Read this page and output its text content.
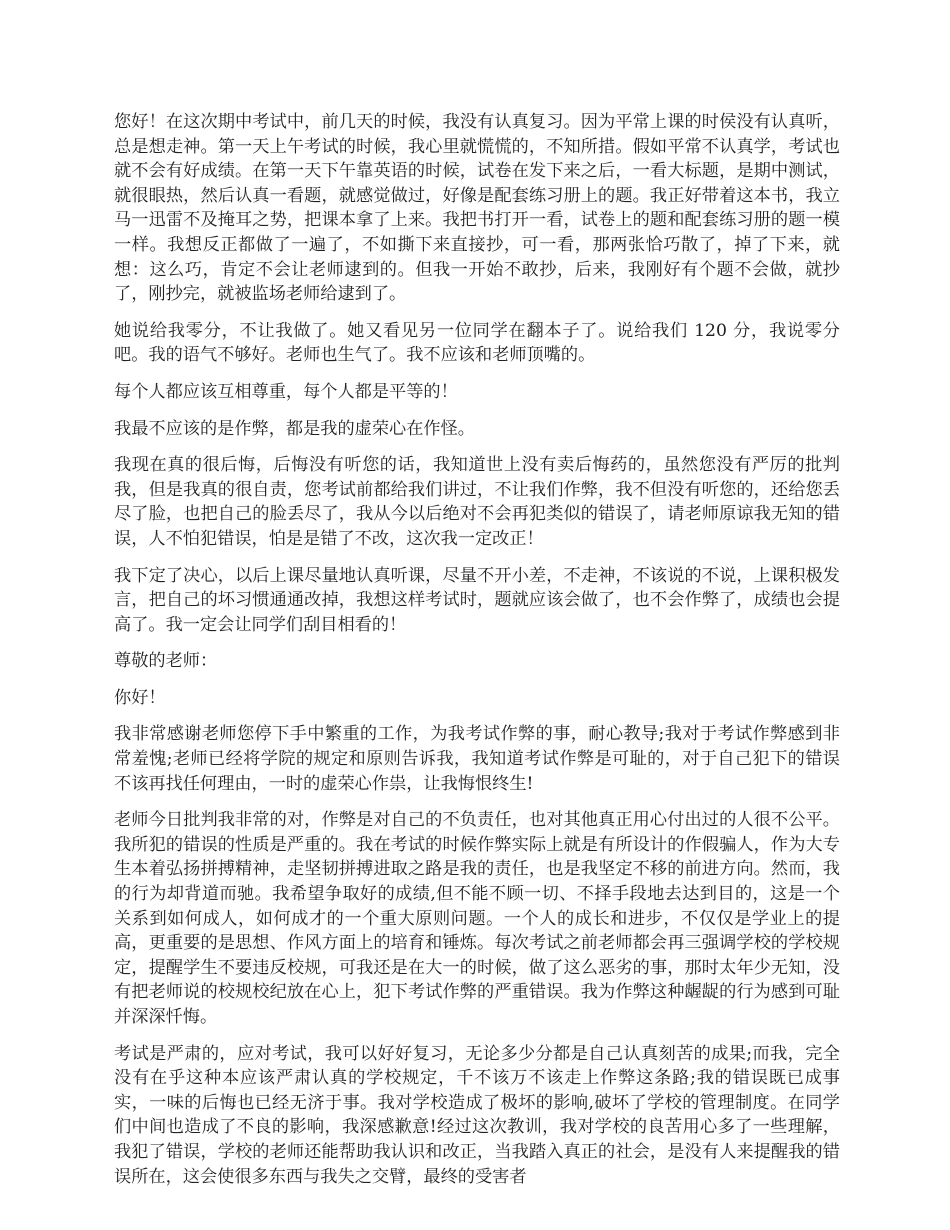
您好！在这次期中考试中，前几天的时候，我没有认真复习。因为平常上课的时侯没有认真听，总是想走神。第一天上午考试的时候，我心里就慌慌的，不知所措。假如平常不认真学，考试也就不会有好成绩。在第一天下午靠英语的时候，试卷在发下来之后，一看大标题，是期中测试，就很眼热，然后认真一看题，就感觉做过，好像是配套练习册上的题。我正好带着这本书，我立马一迅雷不及掩耳之势，把课本拿了上来。我把书打开一看，试卷上的题和配套练习册的题一模一样。我想反正都做了一遍了，不如撕下来直接抄，可一看，那两张恰巧散了，掉了下来，就想：这么巧，肯定不会让老师逮到的。但我一开始不敢抄，后来，我刚好有个题不会做，就抄了，刚抄完，就被监场老师给逮到了。

她说给我零分，不让我做了。她又看见另一位同学在翻本子了。说给我们 120 分，我说零分吧。我的语气不够好。老师也生气了。我不应该和老师顶嘴的。

每个人都应该互相尊重，每个人都是平等的！

我最不应该的是作弊，都是我的虚荣心在作怪。

我现在真的很后悔，后悔没有听您的话，我知道世上没有卖后悔药的，虽然您没有严厉的批判我，但是我真的很自责，您考试前都给我们讲过，不让我们作弊，我不但没有听您的，还给您丢尽了脸，也把自己的脸丢尽了，我从今以后绝对不会再犯类似的错误了，请老师原谅我无知的错误，人不怕犯错误，怕是是错了不改，这次我一定改正！

我下定了决心，以后上课尽量地认真听课，尽量不开小差，不走神，不该说的不说，上课积极发言，把自己的坏习惯通通改掉，我想这样考试时，题就应该会做了，也不会作弊了，成绩也会提高了。我一定会让同学们刮目相看的！

尊敬的老师：

你好！

我非常感谢老师您停下手中繁重的工作，为我考试作弊的事，耐心教导;我对于考试作弊感到非常羞愧;老师已经将学院的规定和原则告诉我，我知道考试作弊是可耻的，对于自己犯下的错误不该再找任何理由，一时的虚荣心作祟，让我悔恨终生!

老师今日批判我非常的对，作弊是对自己的不负责任，也对其他真正用心付出过的人很不公平。我所犯的错误的性质是严重的。我在考试的时候作弊实际上就是有所设计的作假骗人，作为大专生本着弘扬拼搏精神，走坚韧拼搏进取之路是我的责任，也是我坚定不移的前进方向。然而，我的行为却背道而驰。我希望争取好的成绩,但不能不顾一切、不择手段地去达到目的，这是一个关系到如何成人，如何成才的一个重大原则问题。一个人的成长和进步，不仅仅是学业上的提高，更重要的是思想、作风方面上的培育和锤炼。每次考试之前老师都会再三强调学校的学校规定，提醒学生不要违反校规，可我还是在大一的时候，做了这么恶劣的事，那时太年少无知，没有把老师说的校规校纪放在心上，犯下考试作弊的严重错误。我为作弊这种龌龊的行为感到可耻并深深忏悔。

考试是严肃的，应对考试，我可以好好复习，无论多少分都是自己认真刻苦的成果;而我，完全没有在乎这种本应该严肃认真的学校规定，千不该万不该走上作弊这条路;我的错误既已成事实，一味的后悔也已经无济于事。我对学校造成了极坏的影响,破坏了学校的管理制度。在同学们中间也造成了不良的影响，我深感歉意!经过这次教训，我对学校的良苦用心多了一些理解，我犯了错误，学校的老师还能帮助我认识和改正，当我踏入真正的社会，是没有人来提醒我的错误所在，这会使很多东西与我失之交臂，最终的受害者
